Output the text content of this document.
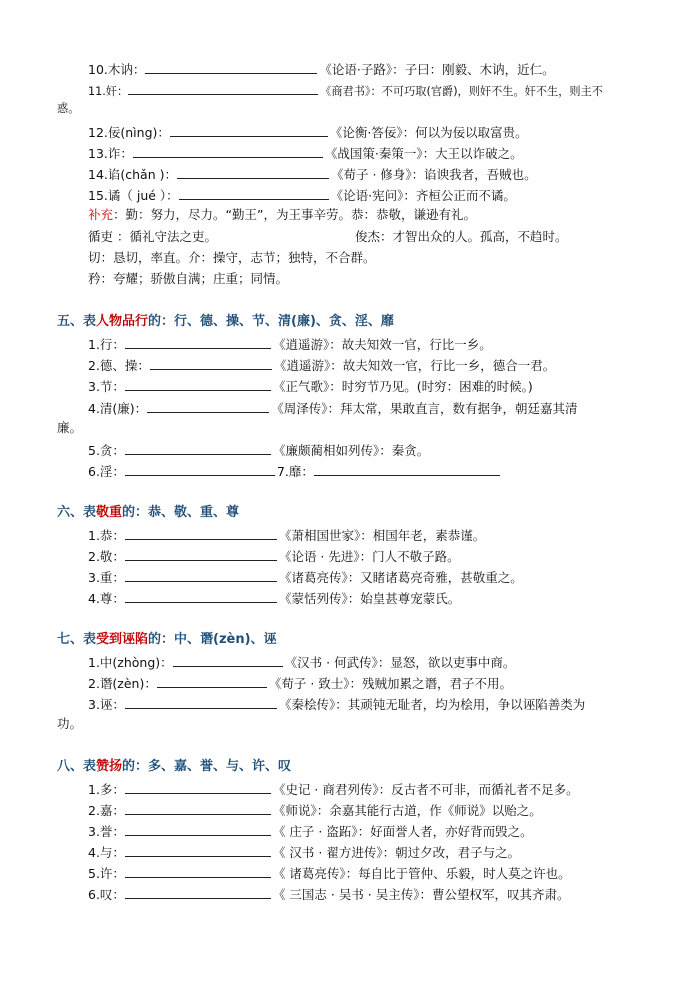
10.木讷：	《论语·子路》：子曰：刚毅、木讷，近仁。
11.奸：	《商君书》：不可巧取(官爵)，则奸不生。奸不生，则主不
惑。
12.佞(nìng)：	《论衡·答佞》：何以为佞以取富贵。
13.诈：	《战国策·秦策一》：大王以诈破之。
14.谄(chǎn )：	《荀子 · 修身》：谄谀我者，吾贼也。
15.谲（ jué ）：	《论语·宪问》：齐桓公正而不谲。
补充：勤：努力，尽力。“勤王”，为王事辛劳。恭：恭敬，谦逊有礼。
循吏 ：循礼守法之吏。	俊杰：才智出众的人。孤高，不趋时。
切：恳切，率直。介：操守，志节；独特，不合群。
矜：夸耀；骄傲自满；庄重；同情。
五、表人物品行的：行、德、操、节、清(廉)、贪、淫、靡
1.行：	《逍遥游》：故夫知效一官，行比一乡。
2.德、操：	《逍遥游》：故夫知效一官，行比一乡，德合一君。
3.节：	《正气歌》：时穷节乃见。(时穷：困难的时候。)
4.清(廉)：	《周泽传》：拜太常，果敢直言，数有据争，朝廷嘉其清
廉。
5.贪：	《廉颇蔺相如列传》：秦贪。
6.淫：	7.靡：
六、表敬重的：恭、敬、重、尊
1.恭：	《萧相国世家》：相国年老，素恭谨。
2.敬：	《论语 · 先进》：门人不敬子路。
3.重：	《诸葛亮传》：又睹诸葛亮奇雅，甚敬重之。
4.尊：	《蒙恬列传》：始皇甚尊宠蒙氏。
七、表受到诬陷的：中、谮(zèn)、诬
1.中(zhòng)：	《汉书 · 何武传》：显怒，欲以吏事中商。
2.谮(zèn)：	《荀子 · 致士》：残贼加累之谮，君子不用。
3.诬：	《秦桧传》：其顽钝无耻者，均为桧用，争以诬陷善类为
功。
八、表赞扬的：多、嘉、誉、与、许、叹
1.多：	《史记 · 商君列传》：反古者不可非，而循礼者不足多。
2.嘉：	《师说》：余嘉其能行古道，作《师说》以贻之。
3.誉：	《 庄子 · 盗跖》：好面誉人者，亦好背而毁之。
4.与：	《 汉书 · 翟方进传》：朝过夕改，君子与之。
5.许：	《 诸葛亮传》：每自比于管仲、乐毅，时人莫之许也。
6.叹：	《 三国志 · 吴书 · 吴主传》：曹公望权军，叹其齐肃。
